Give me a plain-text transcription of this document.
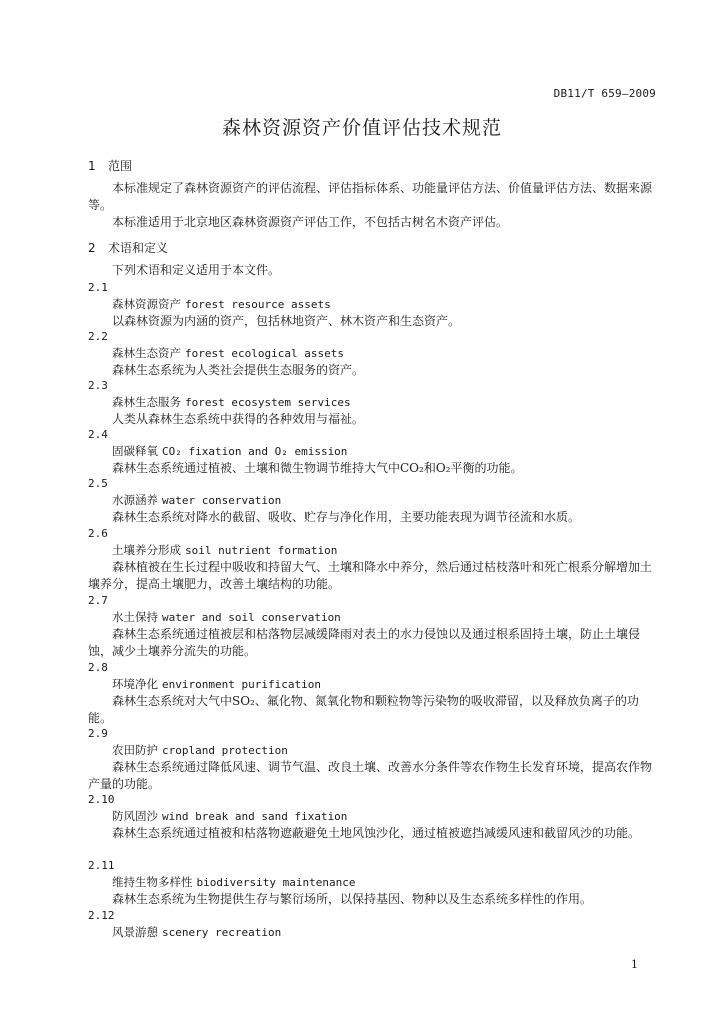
DB11/T 659—2009
森林资源资产价值评估技术规范
1 范围
本标准规定了森林资源资产的评估流程、评估指标体系、功能量评估方法、价值量评估方法、数据来源等。
本标准适用于北京地区森林资源资产评估工作，不包括古树名木资产评估。
2 术语和定义
下列术语和定义适用于本文件。
2.1
森林资源资产 forest resource assets
以森林资源为内涵的资产，包括林地资产、林木资产和生态资产。
2.2
森林生态资产 forest ecological assets
森林生态系统为人类社会提供生态服务的资产。
2.3
森林生态服务 forest ecosystem services
人类从森林生态系统中获得的各种效用与福祉。
2.4
固碳释氧 CO₂ fixation and O₂ emission
森林生态系统通过植被、土壤和微生物调节维持大气中CO₂和O₂平衡的功能。
2.5
水源涵养 water conservation
森林生态系统对降水的截留、吸收、贮存与净化作用，主要功能表现为调节径流和水质。
2.6
土壤养分形成 soil nutrient formation
森林植被在生长过程中吸收和持留大气、土壤和降水中养分，然后通过枯枝落叶和死亡根系分解增加土壤养分，提高土壤肥力，改善土壤结构的功能。
2.7
水土保持 water and soil conservation
森林生态系统通过植被层和枯落物层减缓降雨对表土的水力侵蚀以及通过根系固持土壤，防止土壤侵蚀，减少土壤养分流失的功能。
2.8
环境净化 environment purification
森林生态系统对大气中SO₂、氟化物、氮氧化物和颗粒物等污染物的吸收滞留，以及释放负离子的功能。
2.9
农田防护 cropland protection
森林生态系统通过降低风速、调节气温、改良土壤、改善水分条件等农作物生长发育环境，提高农作物产量的功能。
2.10
防风固沙 wind break and sand fixation
森林生态系统通过植被和枯落物遮蔽避免土地风蚀沙化，通过植被遮挡减缓风速和截留风沙的功能。
2.11
维持生物多样性 biodiversity maintenance
森林生态系统为生物提供生存与繁衍场所，以保持基因、物种以及生态系统多样性的作用。
2.12
风景游憩 scenery recreation
1
